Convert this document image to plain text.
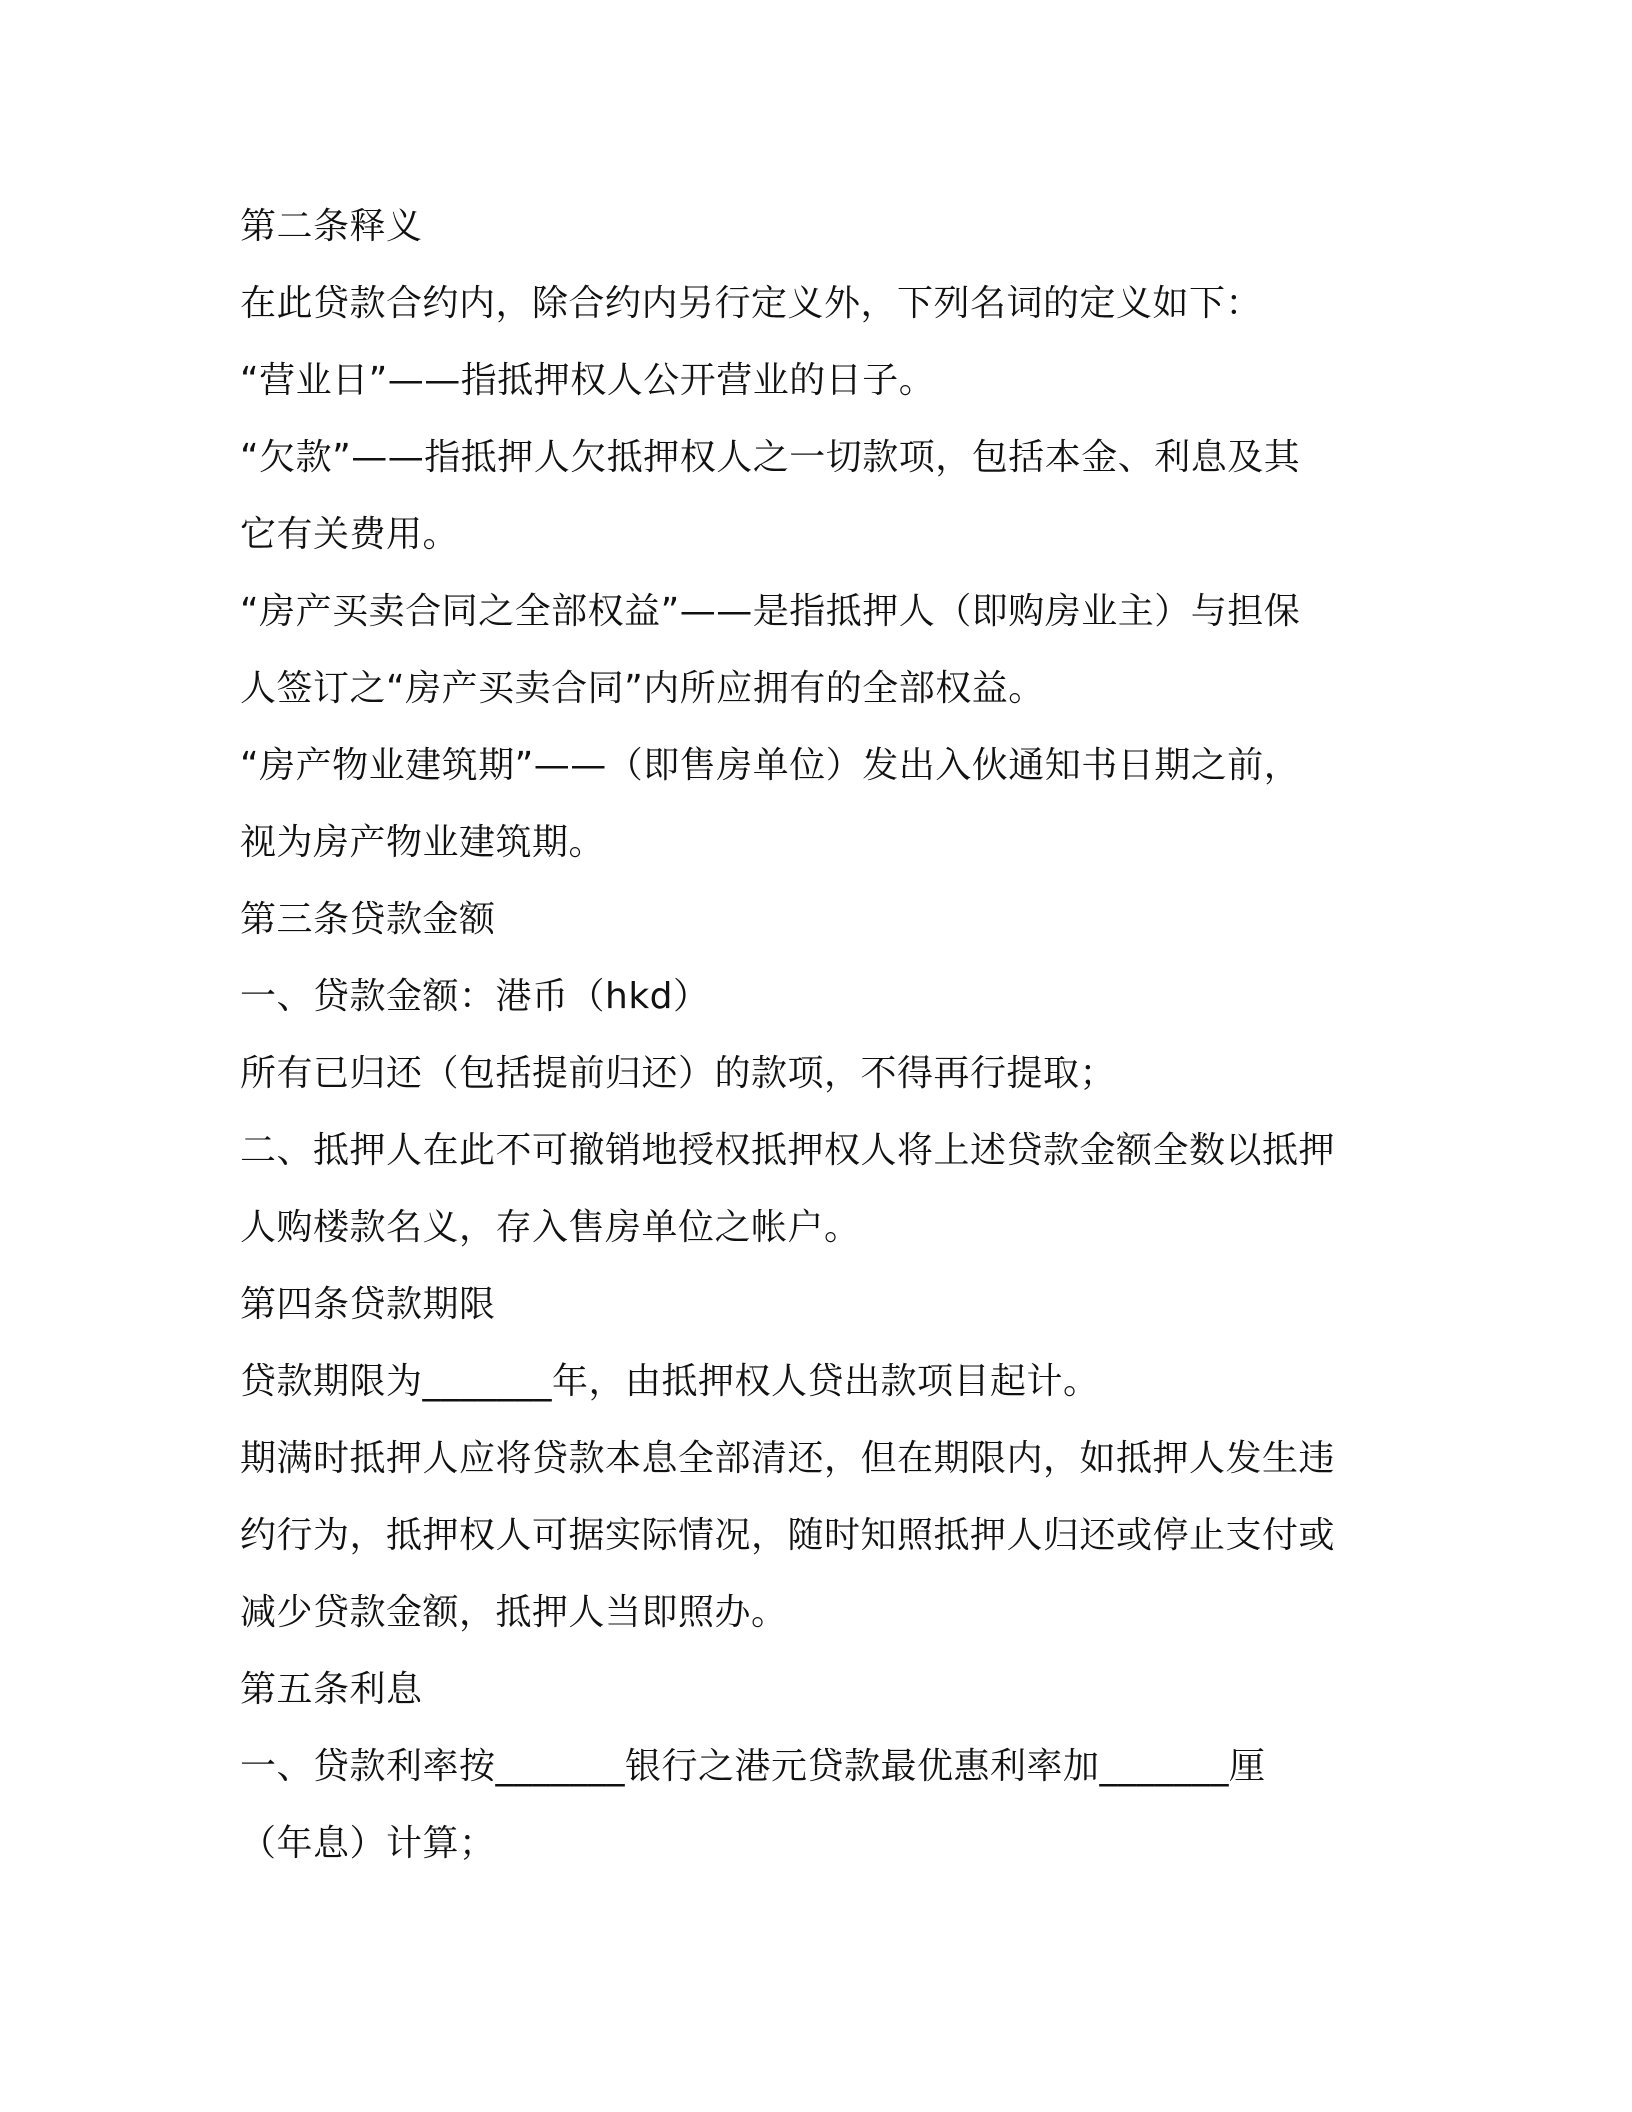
第二条释义
在此贷款合约内，除合约内另行定义外，下列名词的定义如下：
“营业日”——指抵押权人公开营业的日子。
“欠款”——指抵押人欠抵押权人之一切款项，包括本金、利息及其
它有关费用。
“房产买卖合同之全部权益”——是指抵押人（即购房业主）与担保
人签订之“房产买卖合同”内所应拥有的全部权益。
“房产物业建筑期”——（即售房单位）发出入伙通知书日期之前，
视为房产物业建筑期。
第三条贷款金额
一、贷款金额：港币（hkd）
所有已归还（包括提前归还）的款项，不得再行提取；
二、抵押人在此不可撤销地授权抵押权人将上述贷款金额全数以抵押
人购楼款名义，存入售房单位之帐户。
第四条贷款期限
贷款期限为_______年，由抵押权人贷出款项目起计。
期满时抵押人应将贷款本息全部清还，但在期限内，如抵押人发生违
约行为，抵押权人可据实际情况，随时知照抵押人归还或停止支付或
减少贷款金额，抵押人当即照办。
第五条利息
一、贷款利率按_______银行之港元贷款最优惠利率加_______厘
（年息）计算；
